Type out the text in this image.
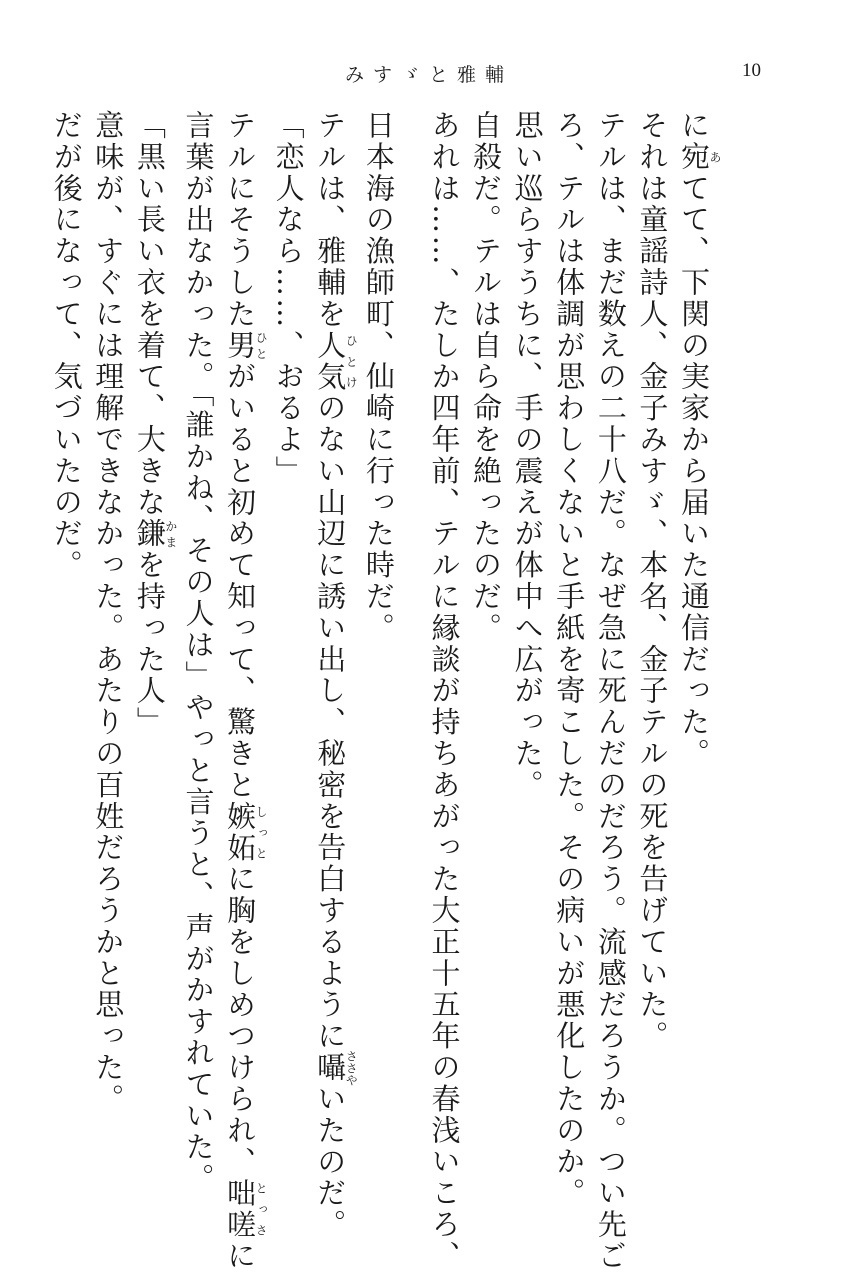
みすゞと雅輔	10
に宛あてて、下関の実家から届いた通信だった。
それは童謡詩人、金子みすゞ、本名、金子テルの死を告げていた。
テルは、まだ数えの二十八だ。なぜ急に死んだのだろう。流感だろうか。つい先ご
ろ、テルは体調が思わしくないと手紙を寄こした。その病いが悪化したのか。
思い巡らすうちに、手の震えが体中へ広がった。
自殺だ。テルは自ら命を絶ったのだ。
あれは……、たしか四年前、テルに縁談が持ちあがった大正十五年の春浅いころ、
日本海の漁師町、仙崎に行った時だ。
テルは、雅輔を人気ひとけのない山辺に誘い出し、秘密を告白するように囁ささやいたのだ。
「恋人なら……、おるよ」
テルにそうした男ひとがいると初めて知って、驚きと嫉妬しっとに胸をしめつけられ、咄嗟とっさに
言葉が出なかった。「誰かね、その人は」やっと言うと、声がかすれていた。
「黒い長い衣を着て、大きな鎌かまを持った人」
意味が、すぐには理解できなかった。あたりの百姓だろうかと思った。
だが後になって、気づいたのだ。
